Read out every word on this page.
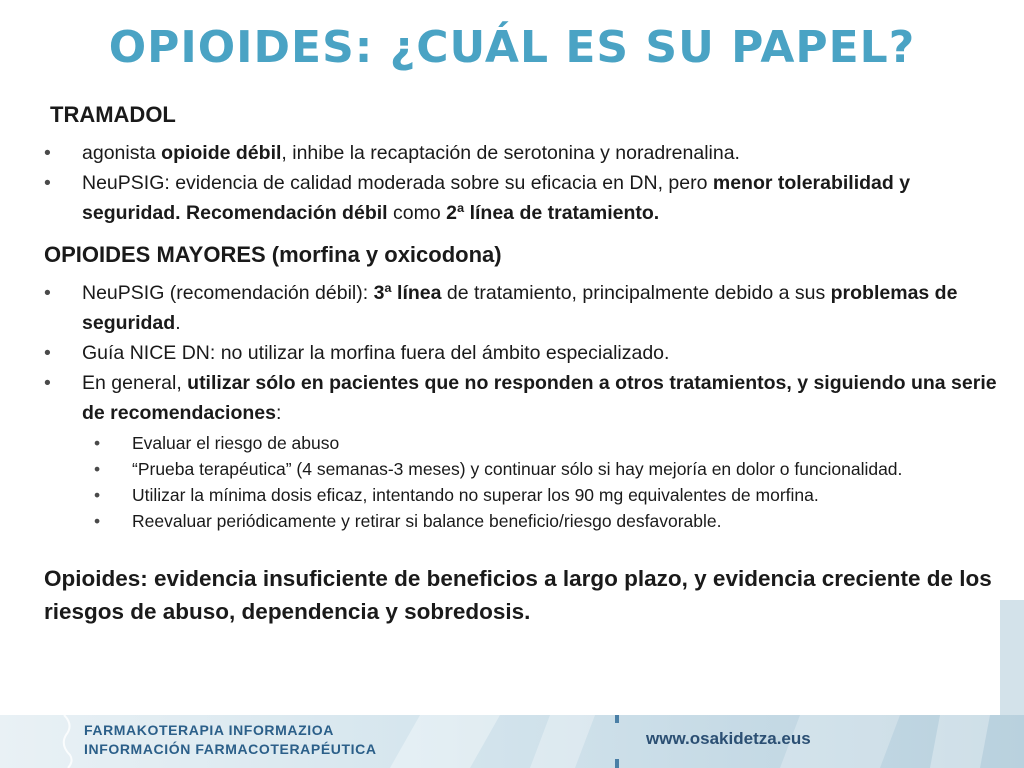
OPIOIDES: ¿CUÁL ES SU PAPEL?
TRAMADOL
• agonista opioide débil, inhibe la recaptación de serotonina y noradrenalina.
• NeuPSIG: evidencia de calidad moderada sobre su eficacia en DN, pero menor tolerabilidad y seguridad. Recomendación débil como 2ª línea de tratamiento.
OPIOIDES MAYORES (morfina y oxicodona)
• NeuPSIG (recomendación débil): 3ª línea de tratamiento, principalmente debido a sus problemas de seguridad.
• Guía NICE DN: no utilizar la morfina fuera del ámbito especializado.
• En general, utilizar sólo en pacientes que no responden a otros tratamientos, y siguiendo una serie de recomendaciones:
• Evaluar el riesgo de abuso
• “Prueba terapéutica” (4 semanas-3 meses) y continuar sólo si hay mejoría en dolor o funcionalidad.
• Utilizar la mínima dosis eficaz, intentando no superar los 90 mg equivalentes de morfina.
• Reevaluar periódicamente y retirar si balance beneficio/riesgo desfavorable.
Opioides: evidencia insuficiente de beneficios a largo plazo, y evidencia creciente de los riesgos de abuso, dependencia y sobredosis.
FARMAKOTERAPIA INFORMAZIOA
INFORMACIÓN FARMACOTERAPÉUTICA
www.osakidetza.eus
